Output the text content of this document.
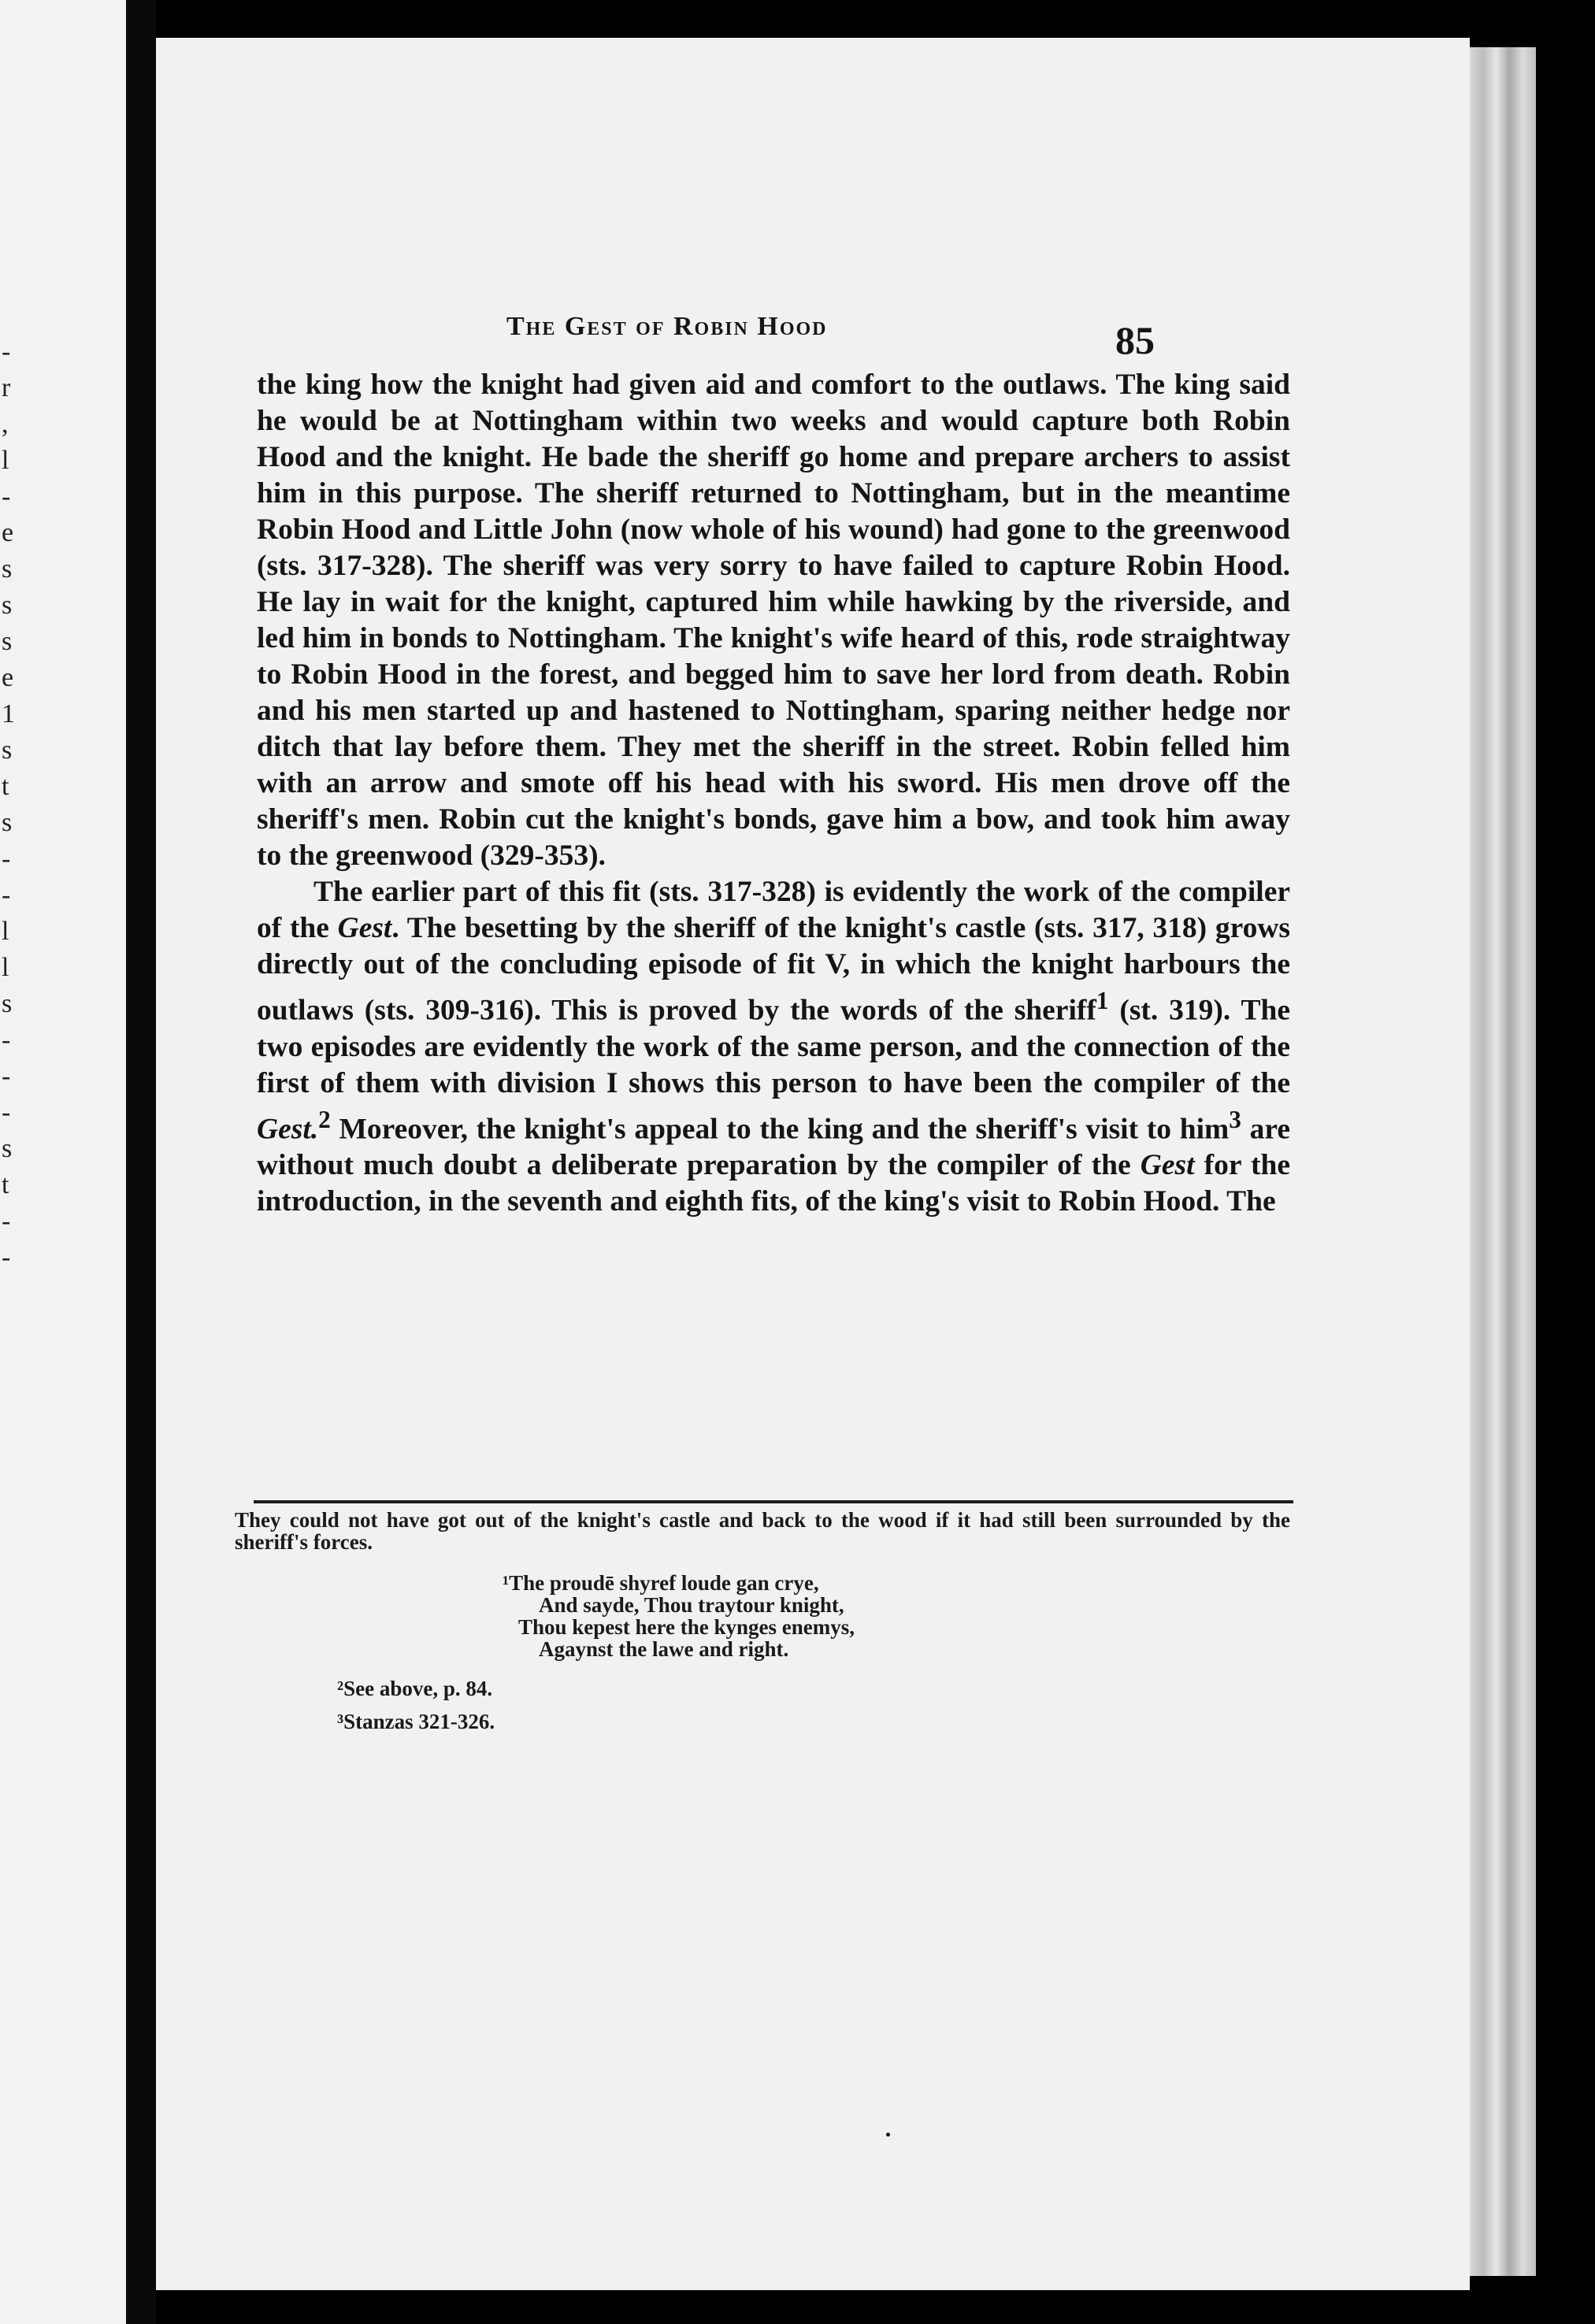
-
r
,
l
-
e
s
s
s
e
1
s
t
s
-
-
l
l
s
-
-
-
s
t
-
-
The Gest of Robin Hood	85

the king how the knight had given aid and comfort to the outlaws. The king said he would be at Nottingham within two weeks and would capture both Robin Hood and the knight. He bade the sheriff go home and prepare archers to assist him in this purpose. The sheriff returned to Nottingham, but in the meantime Robin Hood and Little John (now whole of his wound) had gone to the greenwood (sts. 317-328). The sheriff was very sorry to have failed to capture Robin Hood. He lay in wait for the knight, captured him while hawking by the riverside, and led him in bonds to Nottingham. The knight's wife heard of this, rode straightway to Robin Hood in the forest, and begged him to save her lord from death. Robin and his men started up and hastened to Nottingham, sparing neither hedge nor ditch that lay before them. They met the sheriff in the street. Robin felled him with an arrow and smote off his head with his sword. His men drove off the sheriff's men. Robin cut the knight's bonds, gave him a bow, and took him away to the greenwood (329-353).

The earlier part of this fit (sts. 317-328) is evidently the work of the compiler of the Gest. The besetting by the sheriff of the knight's castle (sts. 317, 318) grows directly out of the concluding episode of fit V, in which the knight harbours the outlaws (sts. 309-316). This is proved by the words of the sheriff$^1$ (st. 319). The two episodes are evidently the work of the same person, and the connection of the first of them with division I shows this person to have been the compiler of the Gest.$^2$ Moreover, the knight's appeal to the king and the sheriff's visit to him$^3$ are without much doubt a deliberate preparation by the compiler of the Gest for the introduction, in the seventh and eighth fits, of the king's visit to Robin Hood. The

They could not have got out of the knight's castle and back to the wood if it had still been surrounded by the sheriff's forces.

¹The proudē shyref loude gan crye,
And sayde, Thou traytour knight,
Thou kepest here the kynges enemys,
Agaynst the lawe and right.
²See above, p. 84.
³Stanzas 321-326.
